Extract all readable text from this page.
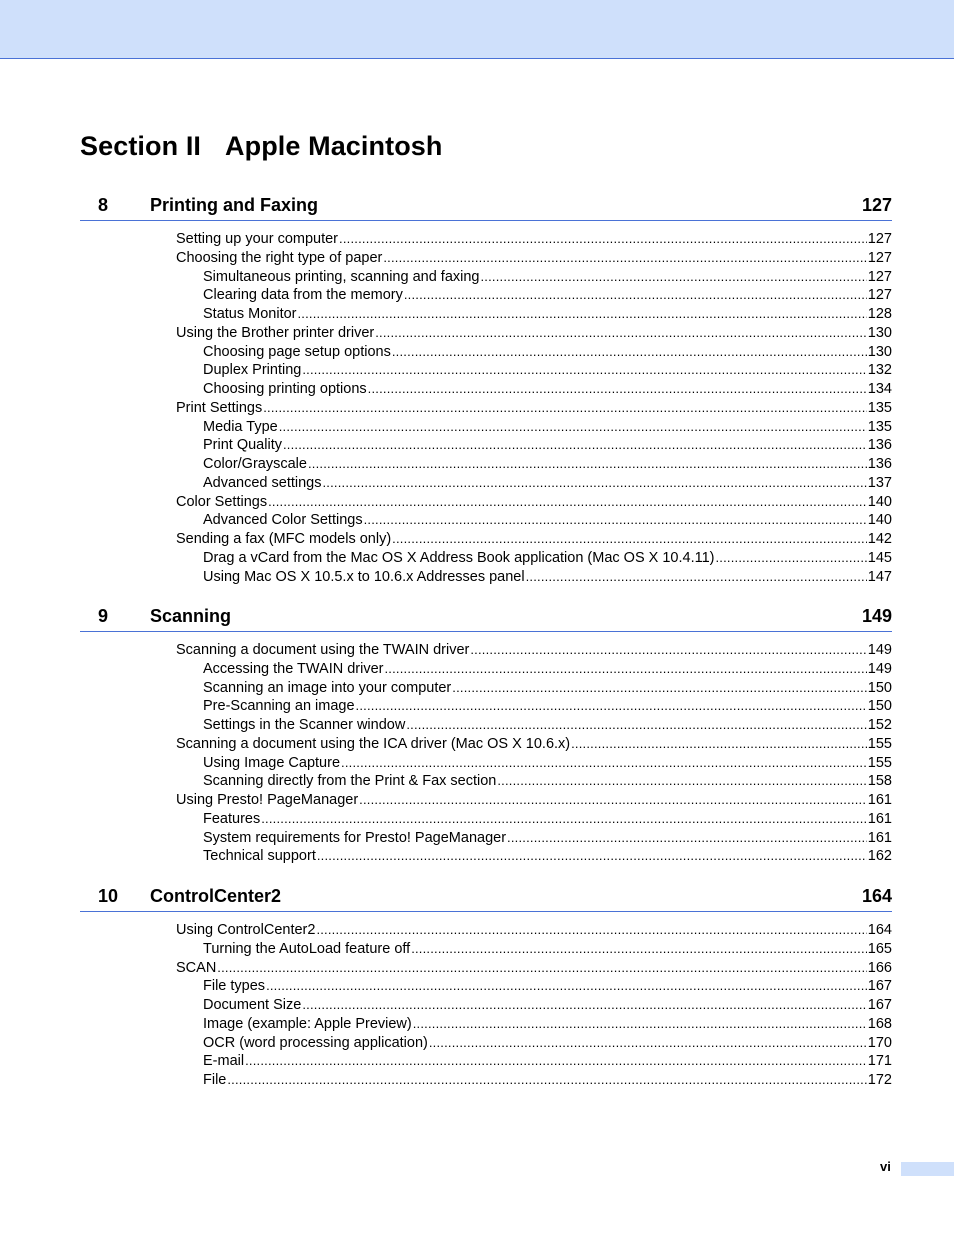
Section II Apple Macintosh
8 Printing and Faxing	127
Setting up your computer .....	127
Choosing the right type of paper .....	127
Simultaneous printing, scanning and faxing .....	127
Clearing data from the memory .....	127
Status Monitor .....	128
Using the Brother printer driver .....	130
Choosing page setup options .....	130
Duplex Printing .....	132
Choosing printing options .....	134
Print Settings .....	135
Media Type .....	135
Print Quality .....	136
Color/Grayscale .....	136
Advanced settings .....	137
Color Settings .....	140
Advanced Color Settings .....	140
Sending a fax (MFC models only) .....	142
Drag a vCard from the Mac OS X Address Book application (Mac OS X 10.4.11) .....	145
Using Mac OS X 10.5.x to 10.6.x Addresses panel .....	147
9 Scanning	149
Scanning a document using the TWAIN driver .....	149
Accessing the TWAIN driver .....	149
Scanning an image into your computer .....	150
Pre-Scanning an image .....	150
Settings in the Scanner window .....	152
Scanning a document using the ICA driver (Mac OS X 10.6.x) .....	155
Using Image Capture .....	155
Scanning directly from the Print & Fax section .....	158
Using Presto! PageManager .....	161
Features .....	161
System requirements for Presto! PageManager .....	161
Technical support .....	162
10 ControlCenter2	164
Using ControlCenter2 .....	164
Turning the AutoLoad feature off .....	165
SCAN .....	166
File types .....	167
Document Size .....	167
Image (example: Apple Preview) .....	168
OCR (word processing application) .....	170
E-mail .....	171
File .....	172
vi
